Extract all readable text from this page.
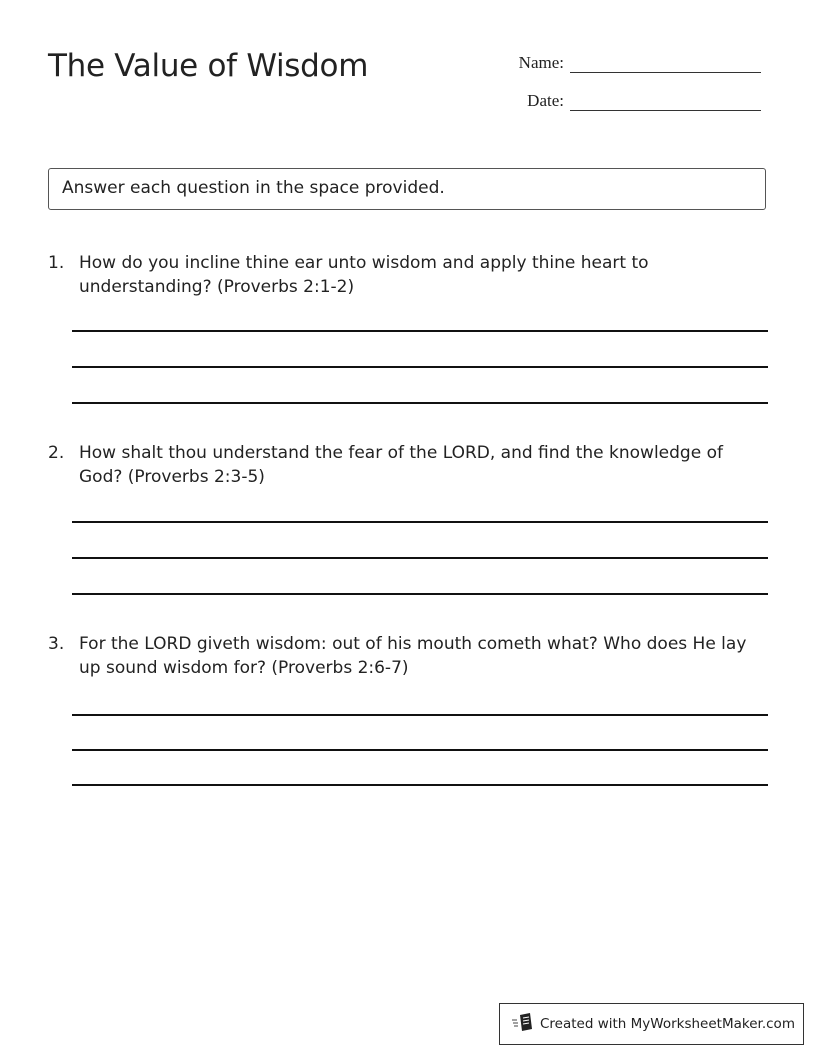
The Value of Wisdom	Name:
Date:
Answer each question in the space provided.
1. How do you incline thine ear unto wisdom and apply thine heart to understanding? (Proverbs 2:1-2)
2. How shalt thou understand the fear of the LORD, and find the knowledge of God? (Proverbs 2:3-5)
3. For the LORD giveth wisdom: out of his mouth cometh what? Who does He lay up sound wisdom for? (Proverbs 2:6-7)
Created with MyWorksheetMaker.com
